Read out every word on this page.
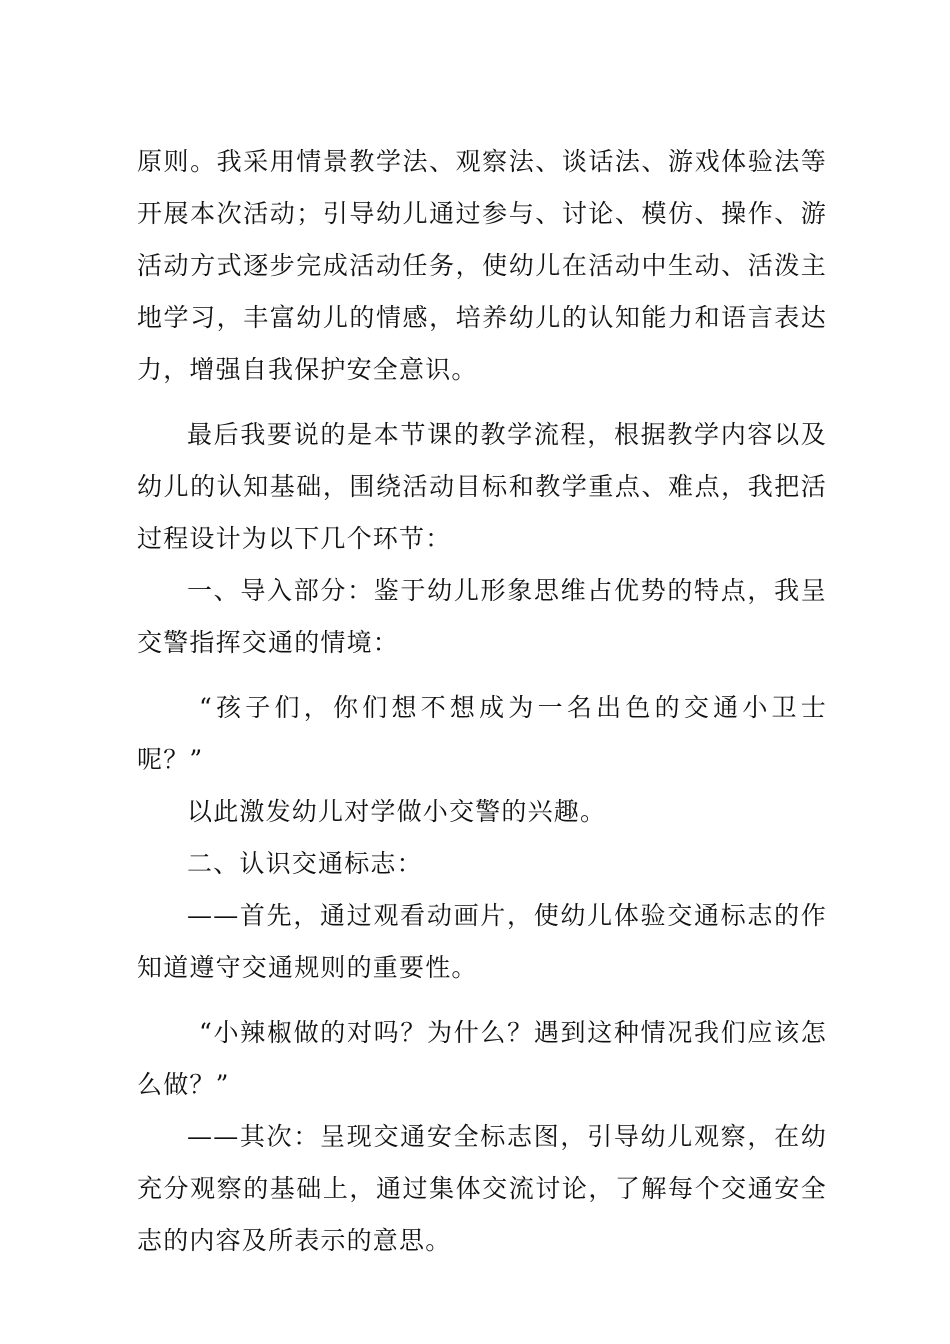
原则。我采用情景教学法、观察法、谈话法、游戏体验法等
开展本次活动；引导幼儿通过参与、讨论、模仿、操作、游
活动方式逐步完成活动任务，使幼儿在活动中生动、活泼主
地学习，丰富幼儿的情感，培养幼儿的认知能力和语言表达
力，增强自我保护安全意识。
最后我要说的是本节课的教学流程，根据教学内容以及
幼儿的认知基础，围绕活动目标和教学重点、难点，我把活
过程设计为以下几个环节：
一、导入部分：鉴于幼儿形象思维占优势的特点，我呈
交警指挥交通的情境：
“孩子们，你们想不想成为一名出色的交通小卫士
呢？”
以此激发幼儿对学做小交警的兴趣。
二、认识交通标志：
——首先，通过观看动画片，使幼儿体验交通标志的作
知道遵守交通规则的重要性。
“小辣椒做的对吗？为什么？遇到这种情况我们应该怎
么做？”
——其次：呈现交通安全标志图，引导幼儿观察，在幼
充分观察的基础上，通过集体交流讨论，了解每个交通安全
志的内容及所表示的意思。
